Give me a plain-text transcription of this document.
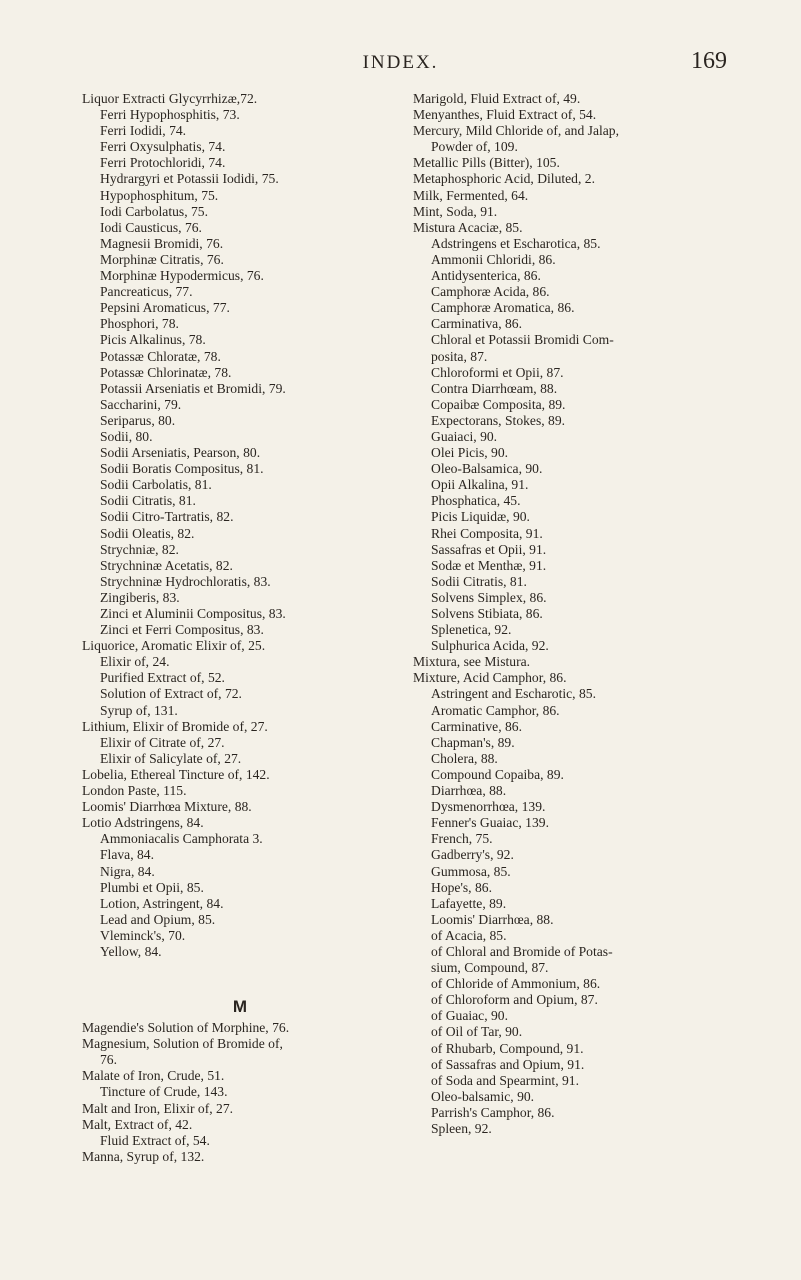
INDEX.	169
Liquor Extracti Glycyrrhizæ,72.
Ferri Hypophosphitis, 73.
Ferri Iodidi, 74.
Ferri Oxysulphatis, 74.
Ferri Protochloridi, 74.
Hydrargyri et Potassii Iodidi, 75.
Hypophosphitum, 75.
Iodi Carbolatus, 75.
Iodi Causticus, 76.
Magnesii Bromidi, 76.
Morphinæ Citratis, 76.
Morphinæ Hypodermicus, 76.
Pancreaticus, 77.
Pepsini Aromaticus, 77.
Phosphori, 78.
Picis Alkalinus, 78.
Potassæ Chloratæ, 78.
Potassæ Chlorinatæ, 78.
Potassii Arseniatis et Bromidi, 79.
Saccharini, 79.
Seriparus, 80.
Sodii, 80.
Sodii Arseniatis, Pearson, 80.
Sodii Boratis Compositus, 81.
Sodii Carbolatis, 81.
Sodii Citratis, 81.
Sodii Citro-Tartratis, 82.
Sodii Oleatis, 82.
Strychniæ, 82.
Strychninæ Acetatis, 82.
Strychninæ Hydrochloratis, 83.
Zingiberis, 83.
Zinci et Aluminii Compositus, 83.
Zinci et Ferri Compositus, 83.
Liquorice, Aromatic Elixir of, 25.
Elixir of, 24.
Purified Extract of, 52.
Solution of Extract of, 72.
Syrup of, 131.
Lithium, Elixir of Bromide of, 27.
Elixir of Citrate of, 27.
Elixir of Salicylate of, 27.
Lobelia, Ethereal Tincture of, 142.
London Paste, 115.
Loomis' Diarrhœa Mixture, 88.
Lotio Adstringens, 84.
Ammoniacalis Camphorata 3.
Flava, 84.
Nigra, 84.
Plumbi et Opii, 85.
Lotion, Astringent, 84.
Lead and Opium, 85.
Vleminck's, 70.
Yellow, 84.
M
Magendie's Solution of Morphine, 76.
Magnesium, Solution of Bromide of,
76.
Malate of Iron, Crude, 51.
Tincture of Crude, 143.
Malt and Iron, Elixir of, 27.
Malt, Extract of, 42.
Fluid Extract of, 54.
Manna, Syrup of, 132.
Marigold, Fluid Extract of, 49.
Menyanthes, Fluid Extract of, 54.
Mercury, Mild Chloride of, and Jalap,
Powder of, 109.
Metallic Pills (Bitter), 105.
Metaphosphoric Acid, Diluted, 2.
Milk, Fermented, 64.
Mint, Soda, 91.
Mistura Acaciæ, 85.
Adstringens et Escharotica, 85.
Ammonii Chloridi, 86.
Antidysenterica, 86.
Camphoræ Acida, 86.
Camphoræ Aromatica, 86.
Carminativa, 86.
Chloral et Potassii Bromidi Com-
posita, 87.
Chloroformi et Opii, 87.
Contra Diarrhœam, 88.
Copaibæ Composita, 89.
Expectorans, Stokes, 89.
Guaiaci, 90.
Olei Picis, 90.
Oleo-Balsamica, 90.
Opii Alkalina, 91.
Phosphatica, 45.
Picis Liquidæ, 90.
Rhei Composita, 91.
Sassafras et Opii, 91.
Sodæ et Menthæ, 91.
Sodii Citratis, 81.
Solvens Simplex, 86.
Solvens Stibiata, 86.
Splenetica, 92.
Sulphurica Acida, 92.
Mixtura, see Mistura.
Mixture, Acid Camphor, 86.
Astringent and Escharotic, 85.
Aromatic Camphor, 86.
Carminative, 86.
Chapman's, 89.
Cholera, 88.
Compound Copaiba, 89.
Diarrhœa, 88.
Dysmenorrhœa, 139.
Fenner's Guaiac, 139.
French, 75.
Gadberry's, 92.
Gummosa, 85.
Hope's, 86.
Lafayette, 89.
Loomis' Diarrhœa, 88.
of Acacia, 85.
of Chloral and Bromide of Potas-
sium, Compound, 87.
of Chloride of Ammonium, 86.
of Chloroform and Opium, 87.
of Guaiac, 90.
of Oil of Tar, 90.
of Rhubarb, Compound, 91.
of Sassafras and Opium, 91.
of Soda and Spearmint, 91.
Oleo-balsamic, 90.
Parrish's Camphor, 86.
Spleen, 92.
